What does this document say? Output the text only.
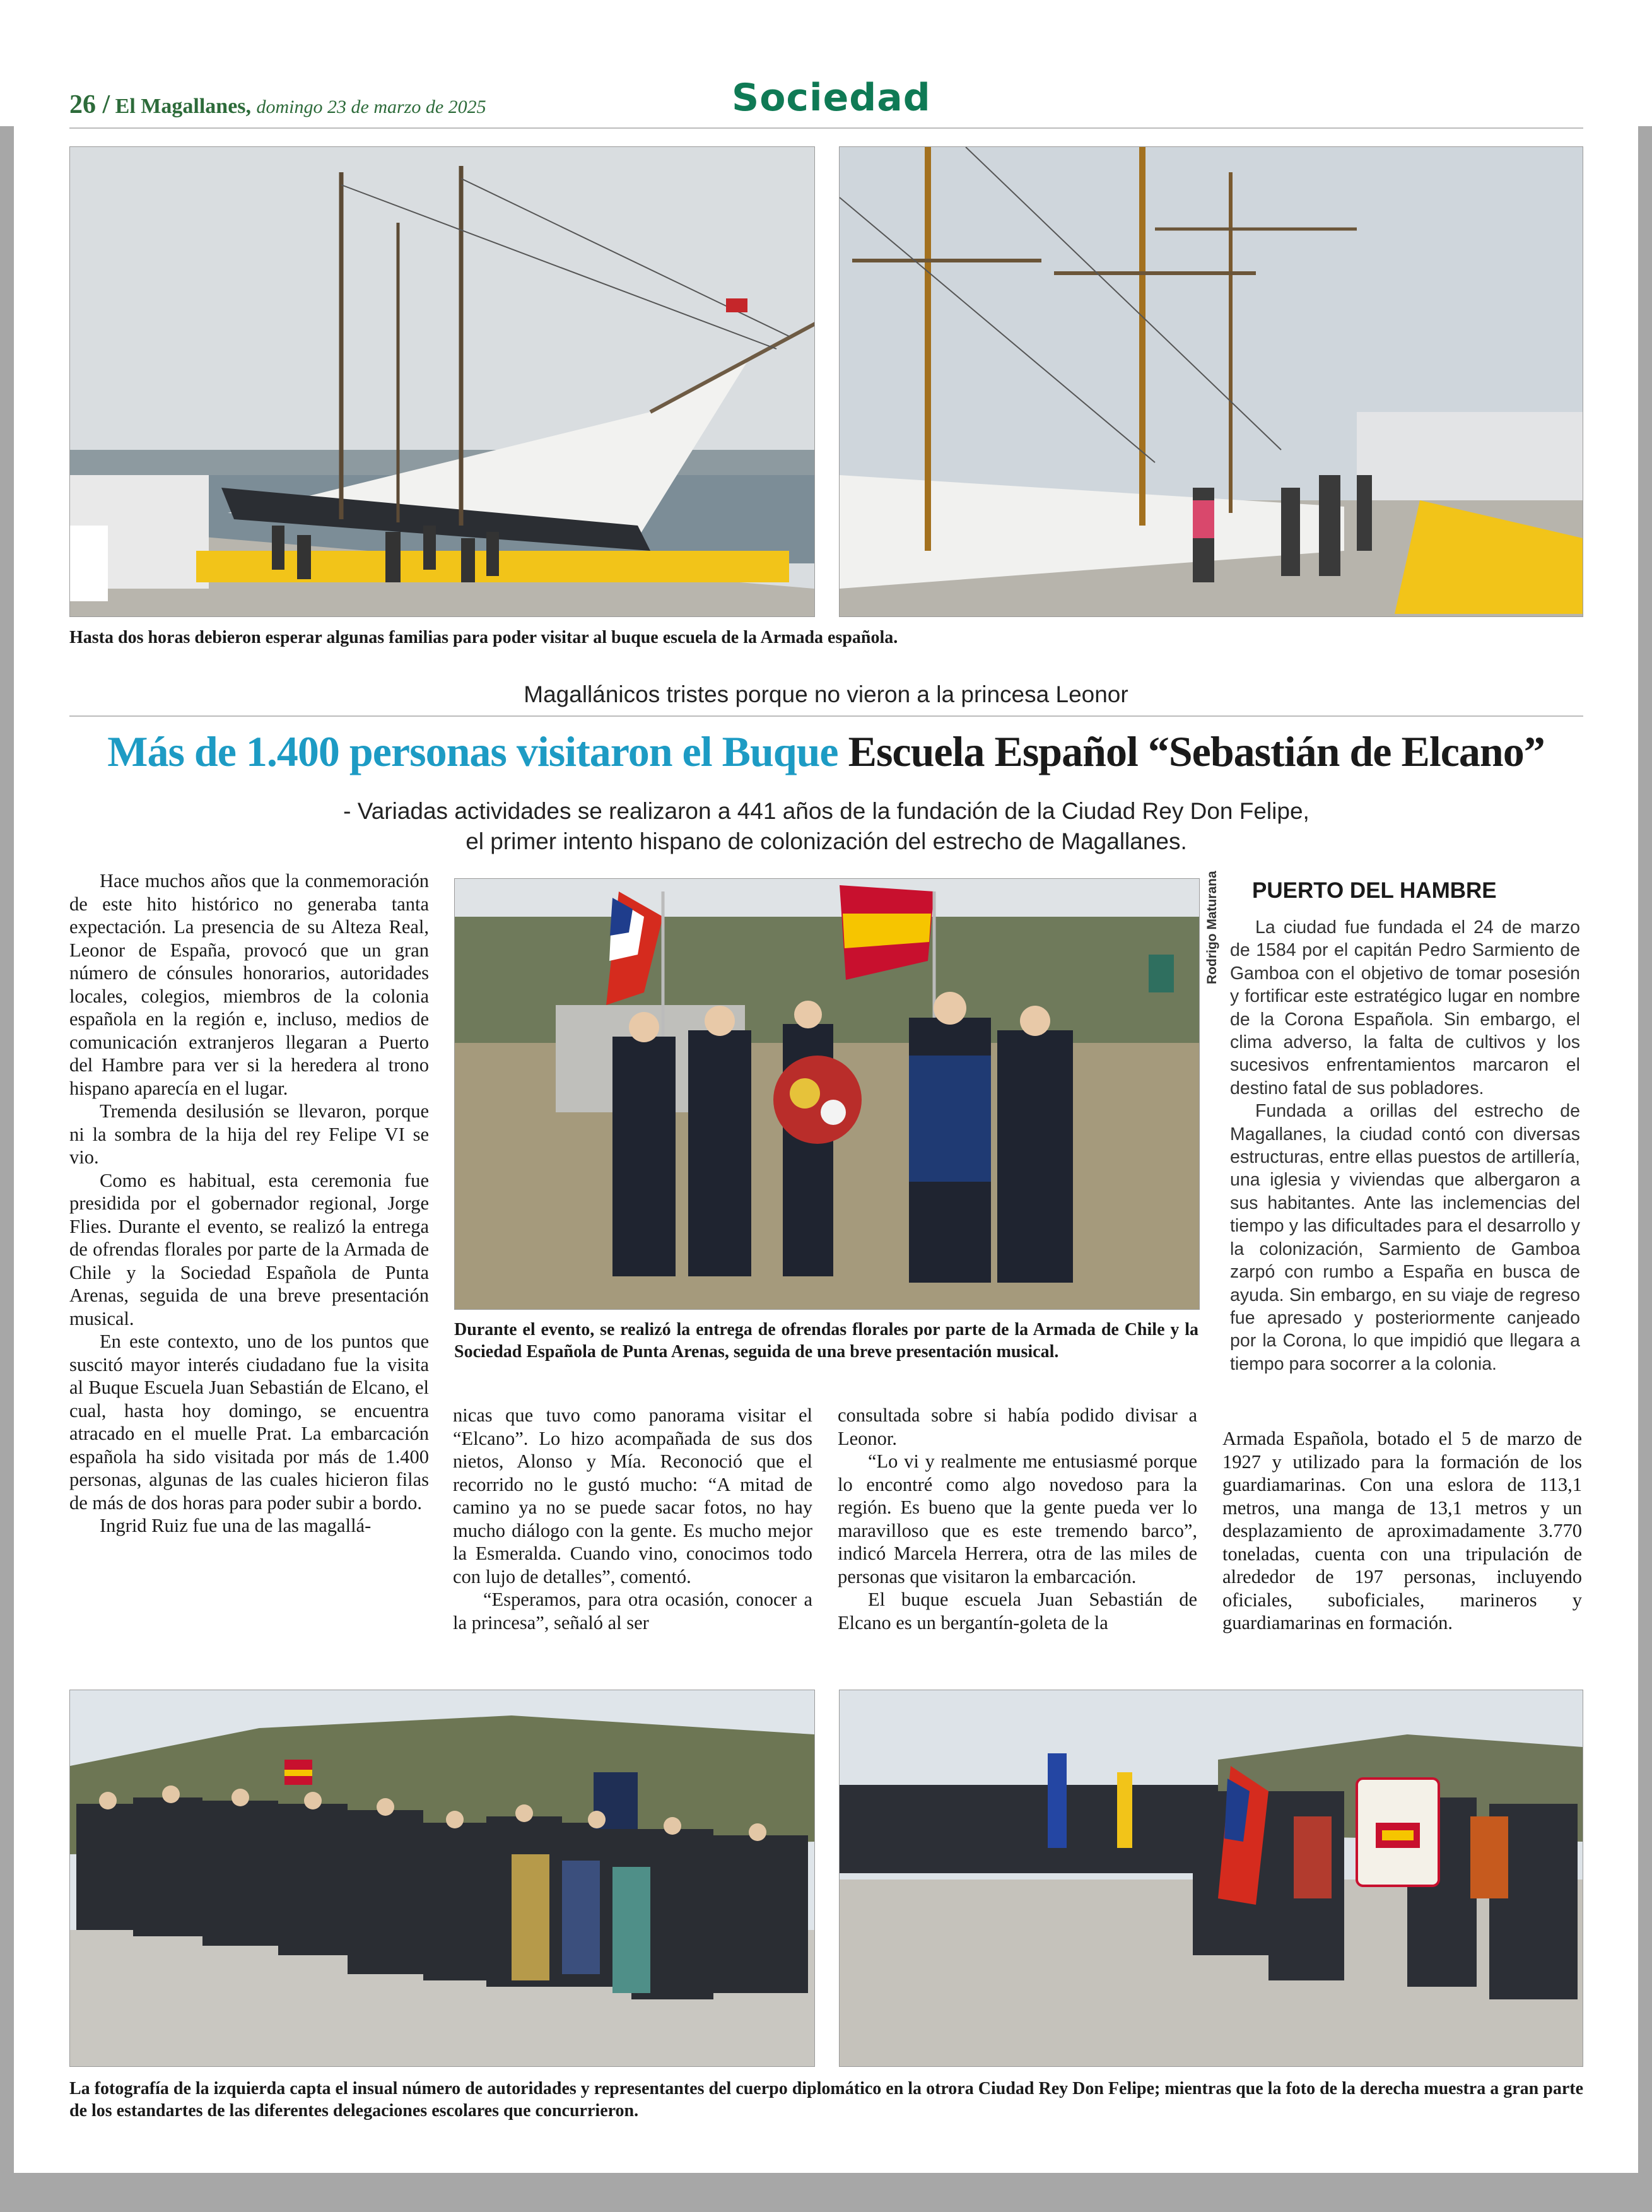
26 / El Magallanes, domingo 23 de marzo de 2025	Sociedad
Hasta dos horas debieron esperar algunas familias para poder visitar al buque escuela de la Armada española.
Magallánicos tristes porque no vieron a la princesa Leonor
Más de 1.400 personas visitaron el Buque Escuela Español “Sebastián de Elcano”
- Variadas actividades se realizaron a 441 años de la fundación de la Ciudad Rey Don Felipe,
el primer intento hispano de colonización del estrecho de Magallanes.

Hace muchos años que la conmemoración de este hito histórico no generaba tanta expectación. La presencia de su Alteza Real, Leonor de España, provocó que un gran número de cónsules honorarios, autoridades locales, colegios, miembros de la colonia española en la región e, incluso, medios de comunicación extranjeros llegaran a Puerto del Hambre para ver si la heredera al trono hispano aparecía en el lugar.

Tremenda desilusión se llevaron, porque ni la sombra de la hija del rey Felipe VI se vio.

Como es habitual, esta ceremonia fue presidida por el gobernador regional, Jorge Flies. Durante el evento, se realizó la entrega de ofrendas florales por parte de la Armada de Chile y la Sociedad Española de Punta Arenas, seguida de una breve presentación musical.

En este contexto, uno de los puntos que suscitó mayor interés ciudadano fue la visita al Buque Escuela Juan Sebastián de Elcano, el cual, hasta hoy domingo, se encuentra atracado en el muelle Prat. La embarcación española ha sido visitada por más de 1.400 personas, algunas de las cuales hicieron filas de más de dos horas para poder subir a bordo.

Ingrid Ruiz fue una de las magallá-

Rodrigo Maturana
Durante el evento, se realizó la entrega de ofrendas florales por parte de la Armada de Chile y la Sociedad Española de Punta Arenas, seguida de una breve presentación musical.
PUERTO DEL HAMBRE

La ciudad fue fundada el 24 de marzo de 1584 por el capitán Pedro Sarmiento de Gamboa con el objetivo de tomar posesión y fortificar este estratégico lugar en nombre de la Corona Española. Sin embargo, el clima adverso, la falta de cultivos y los sucesivos enfrentamientos marcaron el destino fatal de sus pobladores.

Fundada a orillas del estrecho de Magallanes, la ciudad contó con diversas estructuras, entre ellas puestos de artillería, una iglesia y viviendas que albergaron a sus habitantes. Ante las inclemencias del tiempo y las dificultades para el desarrollo y la colonización, Sarmiento de Gamboa zarpó con rumbo a España en busca de ayuda. Sin embargo, en su viaje de regreso fue apresado y posteriormente canjeado por la Corona, lo que impidió que llegara a tiempo para socorrer a la colonia.

nicas que tuvo como panorama visitar el “Elcano”. Lo hizo acompañada de sus dos nietos, Alonso y Mía. Reconoció que el recorrido no le gustó mucho: “A mitad de camino ya no se puede sacar fotos, no hay mucho diálogo con la gente. Es mucho mejor la Esmeralda. Cuando vino, conocimos todo con lujo de detalles”, comentó.

“Esperamos, para otra ocasión, conocer a la princesa”, señaló al ser

consultada sobre si había podido divisar a Leonor.

“Lo vi y realmente me entusiasmé porque lo encontré como algo novedoso para la región. Es bueno que la gente pueda ver lo maravilloso que es este tremendo barco”, indicó Marcela Herrera, otra de las miles de personas que visitaron la embarcación.

El buque escuela Juan Sebastián de Elcano es un bergantín-goleta de la

Armada Española, botado el 5 de marzo de 1927 y utilizado para la formación de los guardiamarinas. Con una eslora de 113,1 metros, una manga de 13,1 metros y un desplazamiento de aproximadamente 3.770 toneladas, cuenta con una tripulación de alrededor de 197 personas, incluyendo oficiales, suboficiales, marineros y guardiamarinas en formación.

La fotografía de la izquierda capta el insual número de autoridades y representantes del cuerpo diplomático en la otrora Ciudad Rey Don Felipe; mientras que la foto de la derecha muestra a gran parte de los estandartes de las diferentes delegaciones escolares que concurrieron.
